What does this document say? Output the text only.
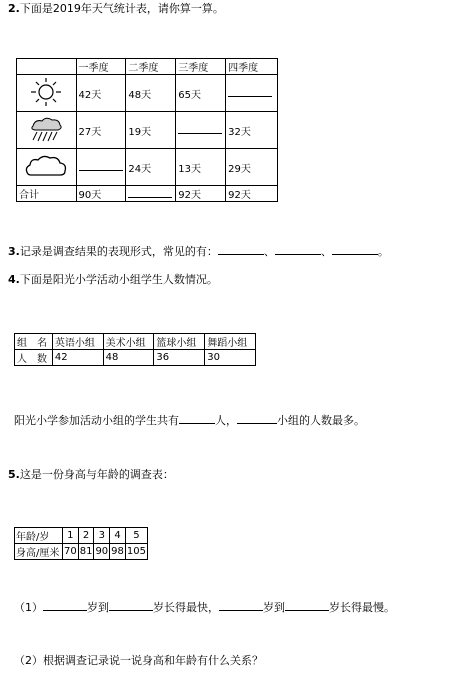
2.下面是2019年天气统计表，请你算一算。
	一季度	二季度	三季度	四季度
	42天	48天	65天	
	27天	19天		32天
		24天	13天	29天
合计	90天		92天	92天
3.记录是调查结果的表现形式，常见的有：	、	、	。
4.下面是阳光小学活动小组学生人数情况。
组　名	英语小组	美术小组	篮球小组	舞蹈小组
人　数	42	48	36	30
阳光小学参加活动小组的学生共有	人，	小组的人数最多。
5.这是一份身高与年龄的调查表：
年龄/岁	1	2	3	4	5
身高/厘米	70	81	90	98	105
（1）	岁到	岁长得最快，	岁到	岁长得最慢。
（2）根据调查记录说一说身高和年龄有什么关系？
